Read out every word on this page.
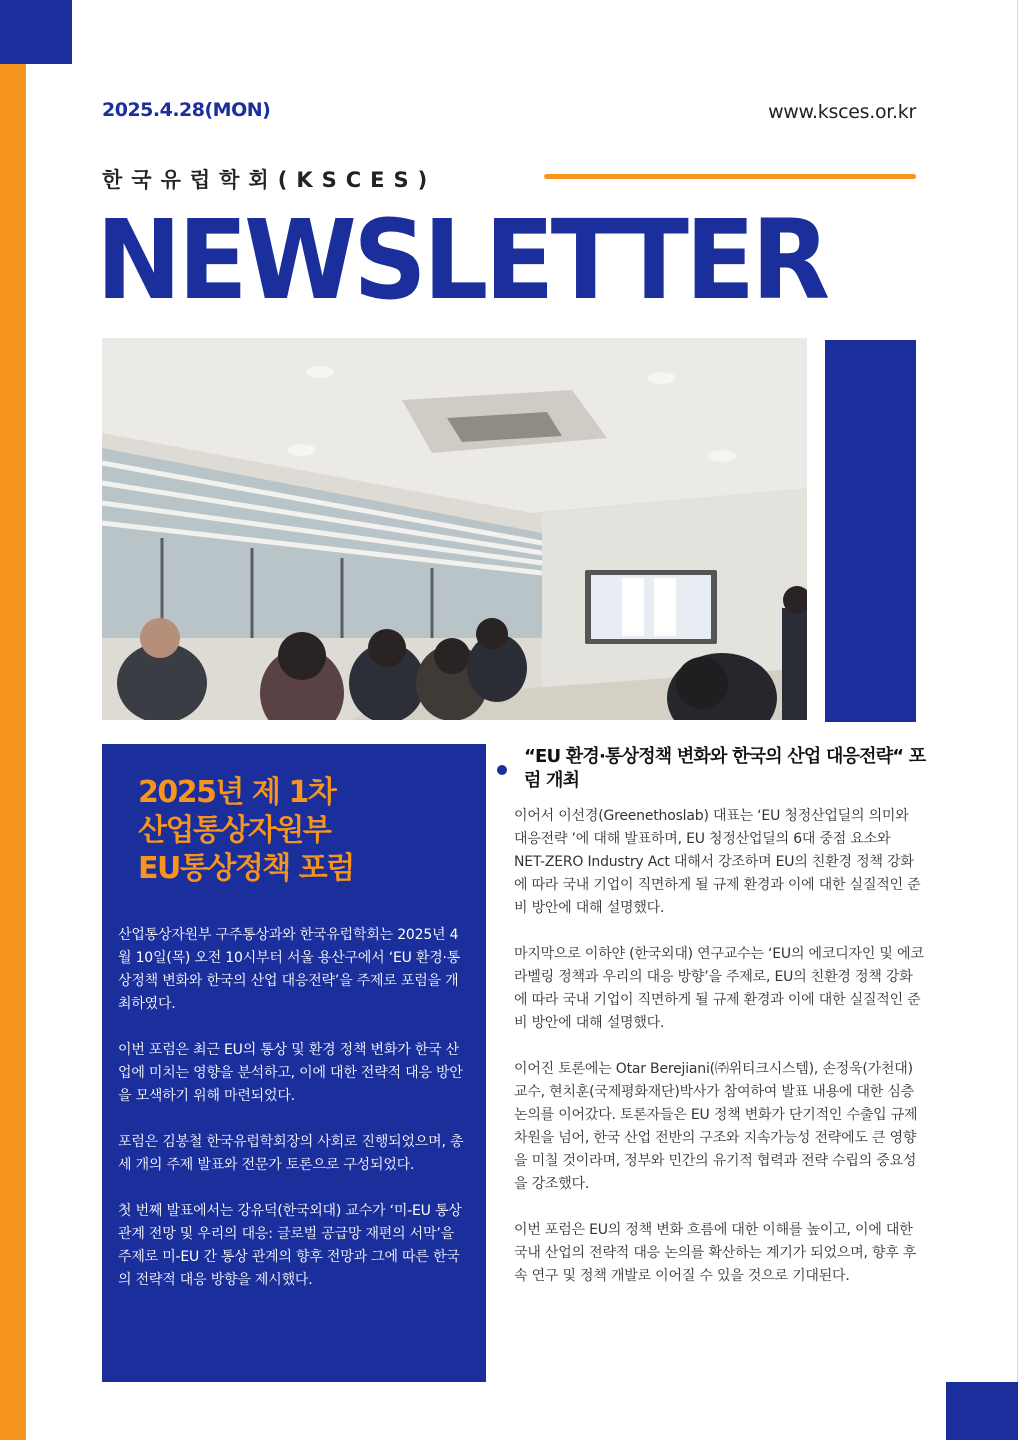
2025.4.28(MON)	www.ksces.or.kr
한국유럽학회(KSCES)
NEWSLETTER
2025년 제 1차
산업통상자원부
EU통상정책 포럼

산업통상자원부 구주통상과와 한국유럽학회는 2025년 4월 10일(목) 오전 10시부터 서울 용산구에서 ‘EU 환경·통상정책 변화와 한국의 산업 대응전략’을 주제로 포럼을 개최하였다.

이번 포럼은 최근 EU의 통상 및 환경 정책 변화가 한국 산업에 미치는 영향을 분석하고, 이에 대한 전략적 대응 방안을 모색하기 위해 마련되었다.

포럼은 김봉철 한국유럽학회장의 사회로 진행되었으며, 총 세 개의 주제 발표와 전문가 토론으로 구성되었다.

첫 번째 발표에서는 강유덕(한국외대) 교수가 ‘미-EU 통상 관계 전망 및 우리의 대응: 글로벌 공급망 재편의 서막’을 주제로 미-EU 간 통상 관계의 향후 전망과 그에 따른 한국의 전략적 대응 방향을 제시했다.

“EU 환경·통상정책 변화와 한국의 산업 대응전략“ 포럼 개최

이어서 이선경(Greenethoslab) 대표는 ‘EU 청정산업딜의 의미와 대응전략 ’에 대해 발표하며, EU 청정산업딜의 6대 중점 요소와 NET-ZERO Industry Act 대해서 강조하며 EU의 친환경 정책 강화에 따라 국내 기업이 직면하게 될 규제 환경과 이에 대한 실질적인 준비 방안에 대해 설명했다.

마지막으로 이하얀 (한국외대) 연구교수는 ‘EU의 에코디자인 및 에코라벨링 정책과 우리의 대응 방향’을 주제로, EU의 친환경 정책 강화에 따라 국내 기업이 직면하게 될 규제 환경과 이에 대한 실질적인 준비 방안에 대해 설명했다.

이어진 토론에는 Otar Berejiani(㈜위티크시스템), 손정욱(가천대)교수, 현치훈(국제평화재단)박사가 참여하여 발표 내용에 대한 심층 논의를 이어갔다. 토론자들은 EU 정책 변화가 단기적인 수출입 규제 차원을 넘어, 한국 산업 전반의 구조와 지속가능성 전략에도 큰 영향을 미칠 것이라며, 정부와 민간의 유기적 협력과 전략 수립의 중요성을 강조했다.

이번 포럼은 EU의 정책 변화 흐름에 대한 이해를 높이고, 이에 대한 국내 산업의 전략적 대응 논의를 확산하는 계기가 되었으며, 향후 후속 연구 및 정책 개발로 이어질 수 있을 것으로 기대된다.
